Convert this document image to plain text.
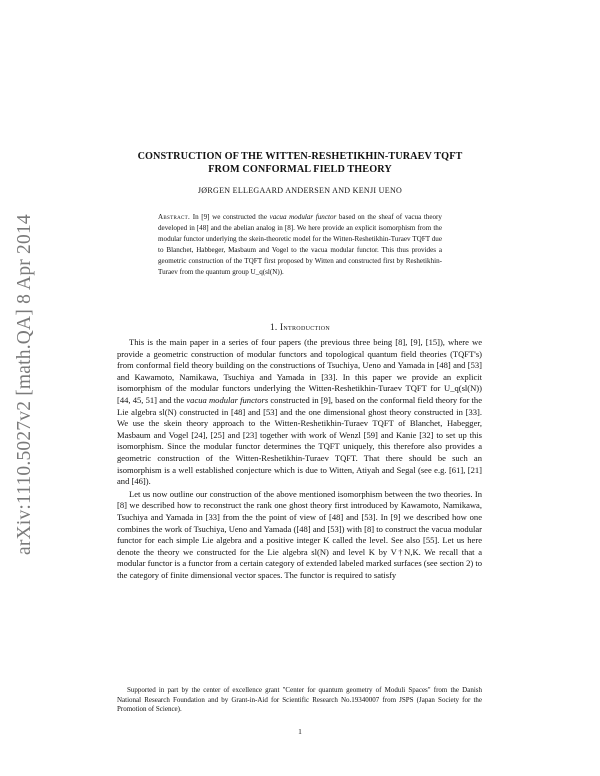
arXiv:1110.5027v2 [math.QA] 8 Apr 2014
CONSTRUCTION OF THE WITTEN-RESHETIKHIN-TURAEV TQFT
FROM CONFORMAL FIELD THEORY
JØRGEN ELLEGAARD ANDERSEN AND KENJI UENO
Abstract. In [9] we constructed the vacua modular functor based on the sheaf of vacua theory developed in [48] and the abelian analog in [8]. We here provide an explicit isomorphism from the modular functor underlying the skein-theoretic model for the Witten-Reshetikhin-Turaev TQFT due to Blanchet, Habbeger, Masbaum and Vogel to the vacua modular functor. This thus provides a geometric construction of the TQFT first proposed by Witten and constructed first by Reshetikhin-Turaev from the quantum group U_q(sl(N)).
1. Introduction

This is the main paper in a series of four papers (the previous three being [8], [9], [15]), where we provide a geometric construction of modular functors and topological quantum field theories (TQFT's) from conformal field theory building on the constructions of Tsuchiya, Ueno and Yamada in [48] and [53] and Kawamoto, Namikawa, Tsuchiya and Yamada in [33]. In this paper we provide an explicit isomorphism of the modular functors underlying the Witten-Reshetikhin-Turaev TQFT for U_q(sl(N)) [44, 45, 51] and the vacua modular functors constructed in [9], based on the conformal field theory for the Lie algebra sl(N) constructed in [48] and [53] and the one dimensional ghost theory constructed in [33]. We use the skein theory approach to the Witten-Reshetikhin-Turaev TQFT of Blanchet, Habegger, Masbaum and Vogel [24], [25] and [23] together with work of Wenzl [59] and Kanie [32] to set up this isomorphism. Since the modular functor determines the TQFT uniquely, this therefore also provides a geometric construction of the Witten-Reshetikhin-Turaev TQFT. That there should be such an isomorphism is a well established conjecture which is due to Witten, Atiyah and Segal (see e.g. [61], [21] and [46]).

Let us now outline our construction of the above mentioned isomorphism between the two theories. In [8] we described how to reconstruct the rank one ghost theory first introduced by Kawamoto, Namikawa, Tsuchiya and Yamada in [33] from the the point of view of [48] and [53]. In [9] we described how one combines the work of Tsuchiya, Ueno and Yamada ([48] and [53]) with [8] to construct the vacua modular functor for each simple Lie algebra and a positive integer K called the level. See also [55]. Let us here denote the theory we constructed for the Lie algebra sl(N) and level K by V†N,K. We recall that a modular functor is a functor from a certain category of extended labeled marked surfaces (see section 2) to the category of finite dimensional vector spaces. The functor is required to satisfy

Supported in part by the center of excellence grant "Center for quantum geometry of Moduli Spaces" from the Danish National Research Foundation and by Grant-in-Aid for Scientific Research No.19340007 from JSPS (Japan Society for the Promotion of Science).
1
